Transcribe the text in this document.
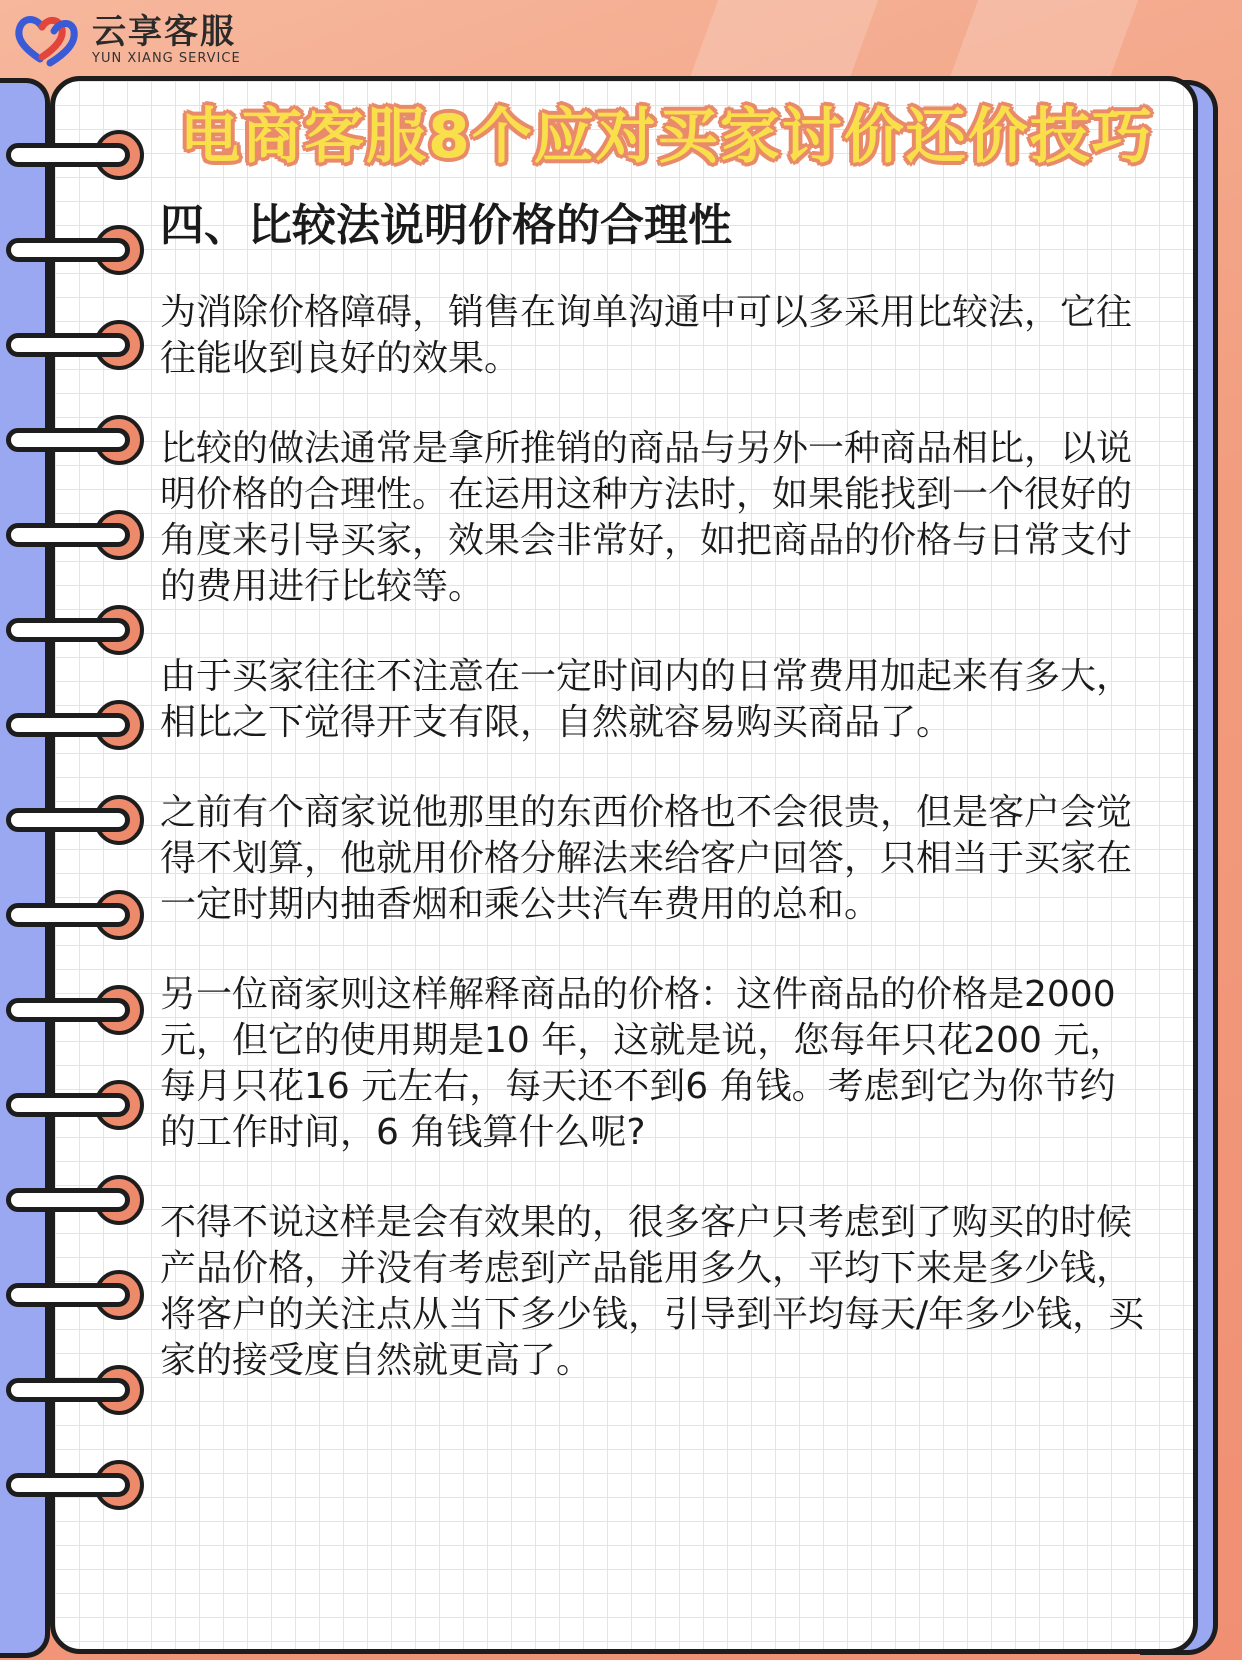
云享客服
YUN XIANG SERVICE
电商客服8个应对买家讨价还价技巧
四、比较法说明价格的合理性

为消除价格障碍，销售在询单沟通中可以多采用比较法，它往往能收到良好的效果。

比较的做法通常是拿所推销的商品与另外一种商品相比，以说明价格的合理性。在运用这种方法时，如果能找到一个很好的角度来引导买家，效果会非常好，如把商品的价格与日常支付的费用进行比较等。

由于买家往往不注意在一定时间内的日常费用加起来有多大，相比之下觉得开支有限，自然就容易购买商品了。

之前有个商家说他那里的东西价格也不会很贵，但是客户会觉得不划算，他就用价格分解法来给客户回答，只相当于买家在一定时期内抽香烟和乘公共汽车费用的总和。

另一位商家则这样解释商品的价格：这件商品的价格是2000元，但它的使用期是10 年，这就是说，您每年只花200 元，每月只花16 元左右，每天还不到6 角钱。考虑到它为你节约的工作时间，6 角钱算什么呢?

不得不说这样是会有效果的，很多客户只考虑到了购买的时候产品价格，并没有考虑到产品能用多久，平均下来是多少钱，将客户的关注点从当下多少钱，引导到平均每天/年多少钱，买家的接受度自然就更高了。
